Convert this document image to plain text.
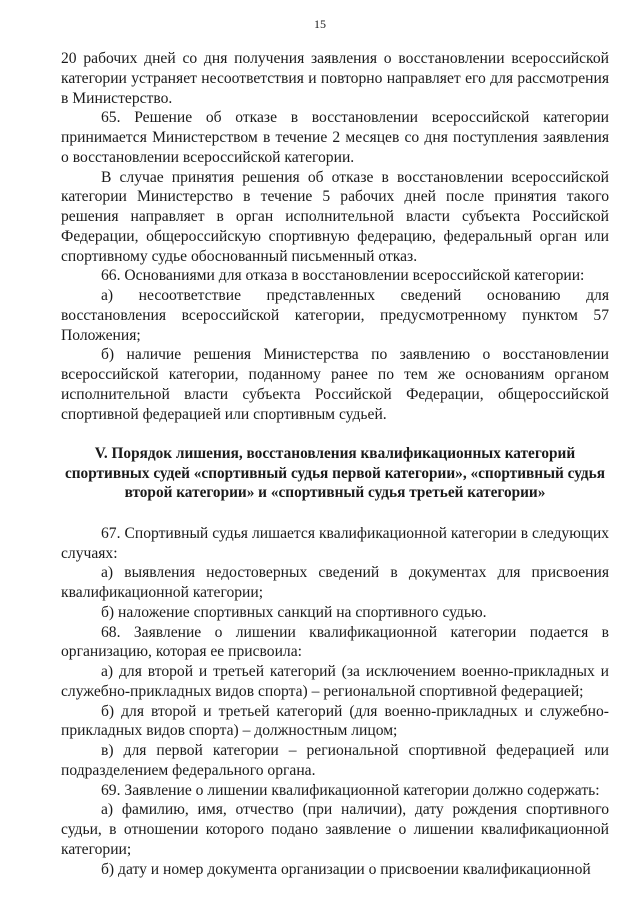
15

20 рабочих дней со дня получения заявления о восстановлении всероссийской категории устраняет несоответствия и повторно направляет его для рассмотрения в Министерство.

65. Решение об отказе в восстановлении всероссийской категории принимается Министерством в течение 2 месяцев со дня поступления заявления о восстановлении всероссийской категории.

В случае принятия решения об отказе в восстановлении всероссийской категории Министерство в течение 5 рабочих дней после принятия такого решения направляет в орган исполнительной власти субъекта Российской Федерации, общероссийскую спортивную федерацию, федеральный орган или спортивному судье обоснованный письменный отказ.

66. Основаниями для отказа в восстановлении всероссийской категории:

а) несоответствие представленных сведений основанию для восстановления всероссийской категории, предусмотренному пунктом 57 Положения;

б) наличие решения Министерства по заявлению о восстановлении всероссийской категории, поданному ранее по тем же основаниям органом исполнительной власти субъекта Российской Федерации, общероссийской спортивной федерацией или спортивным судьей.

V. Порядок лишения, восстановления квалификационных категорий
спортивных судей «спортивный судья первой категории», «спортивный судья
второй категории» и «спортивный судья третьей категории»

67. Спортивный судья лишается квалификационной категории в следующих случаях:

а) выявления недостоверных сведений в документах для присвоения квалификационной категории;

б) наложение спортивных санкций на спортивного судью.

68. Заявление о лишении квалификационной категории подается в организацию, которая ее присвоила:

а) для второй и третьей категорий (за исключением военно-прикладных и служебно-прикладных видов спорта) – региональной спортивной федерацией;

б) для второй и третьей категорий (для военно-прикладных и служебно-прикладных видов спорта) – должностным лицом;

в) для первой категории – региональной спортивной федерацией или подразделением федерального органа.

69. Заявление о лишении квалификационной категории должно содержать:

а) фамилию, имя, отчество (при наличии), дату рождения спортивного судьи, в отношении которого подано заявление о лишении квалификационной категории;

б) дату и номер документа организации о присвоении квалификационной
